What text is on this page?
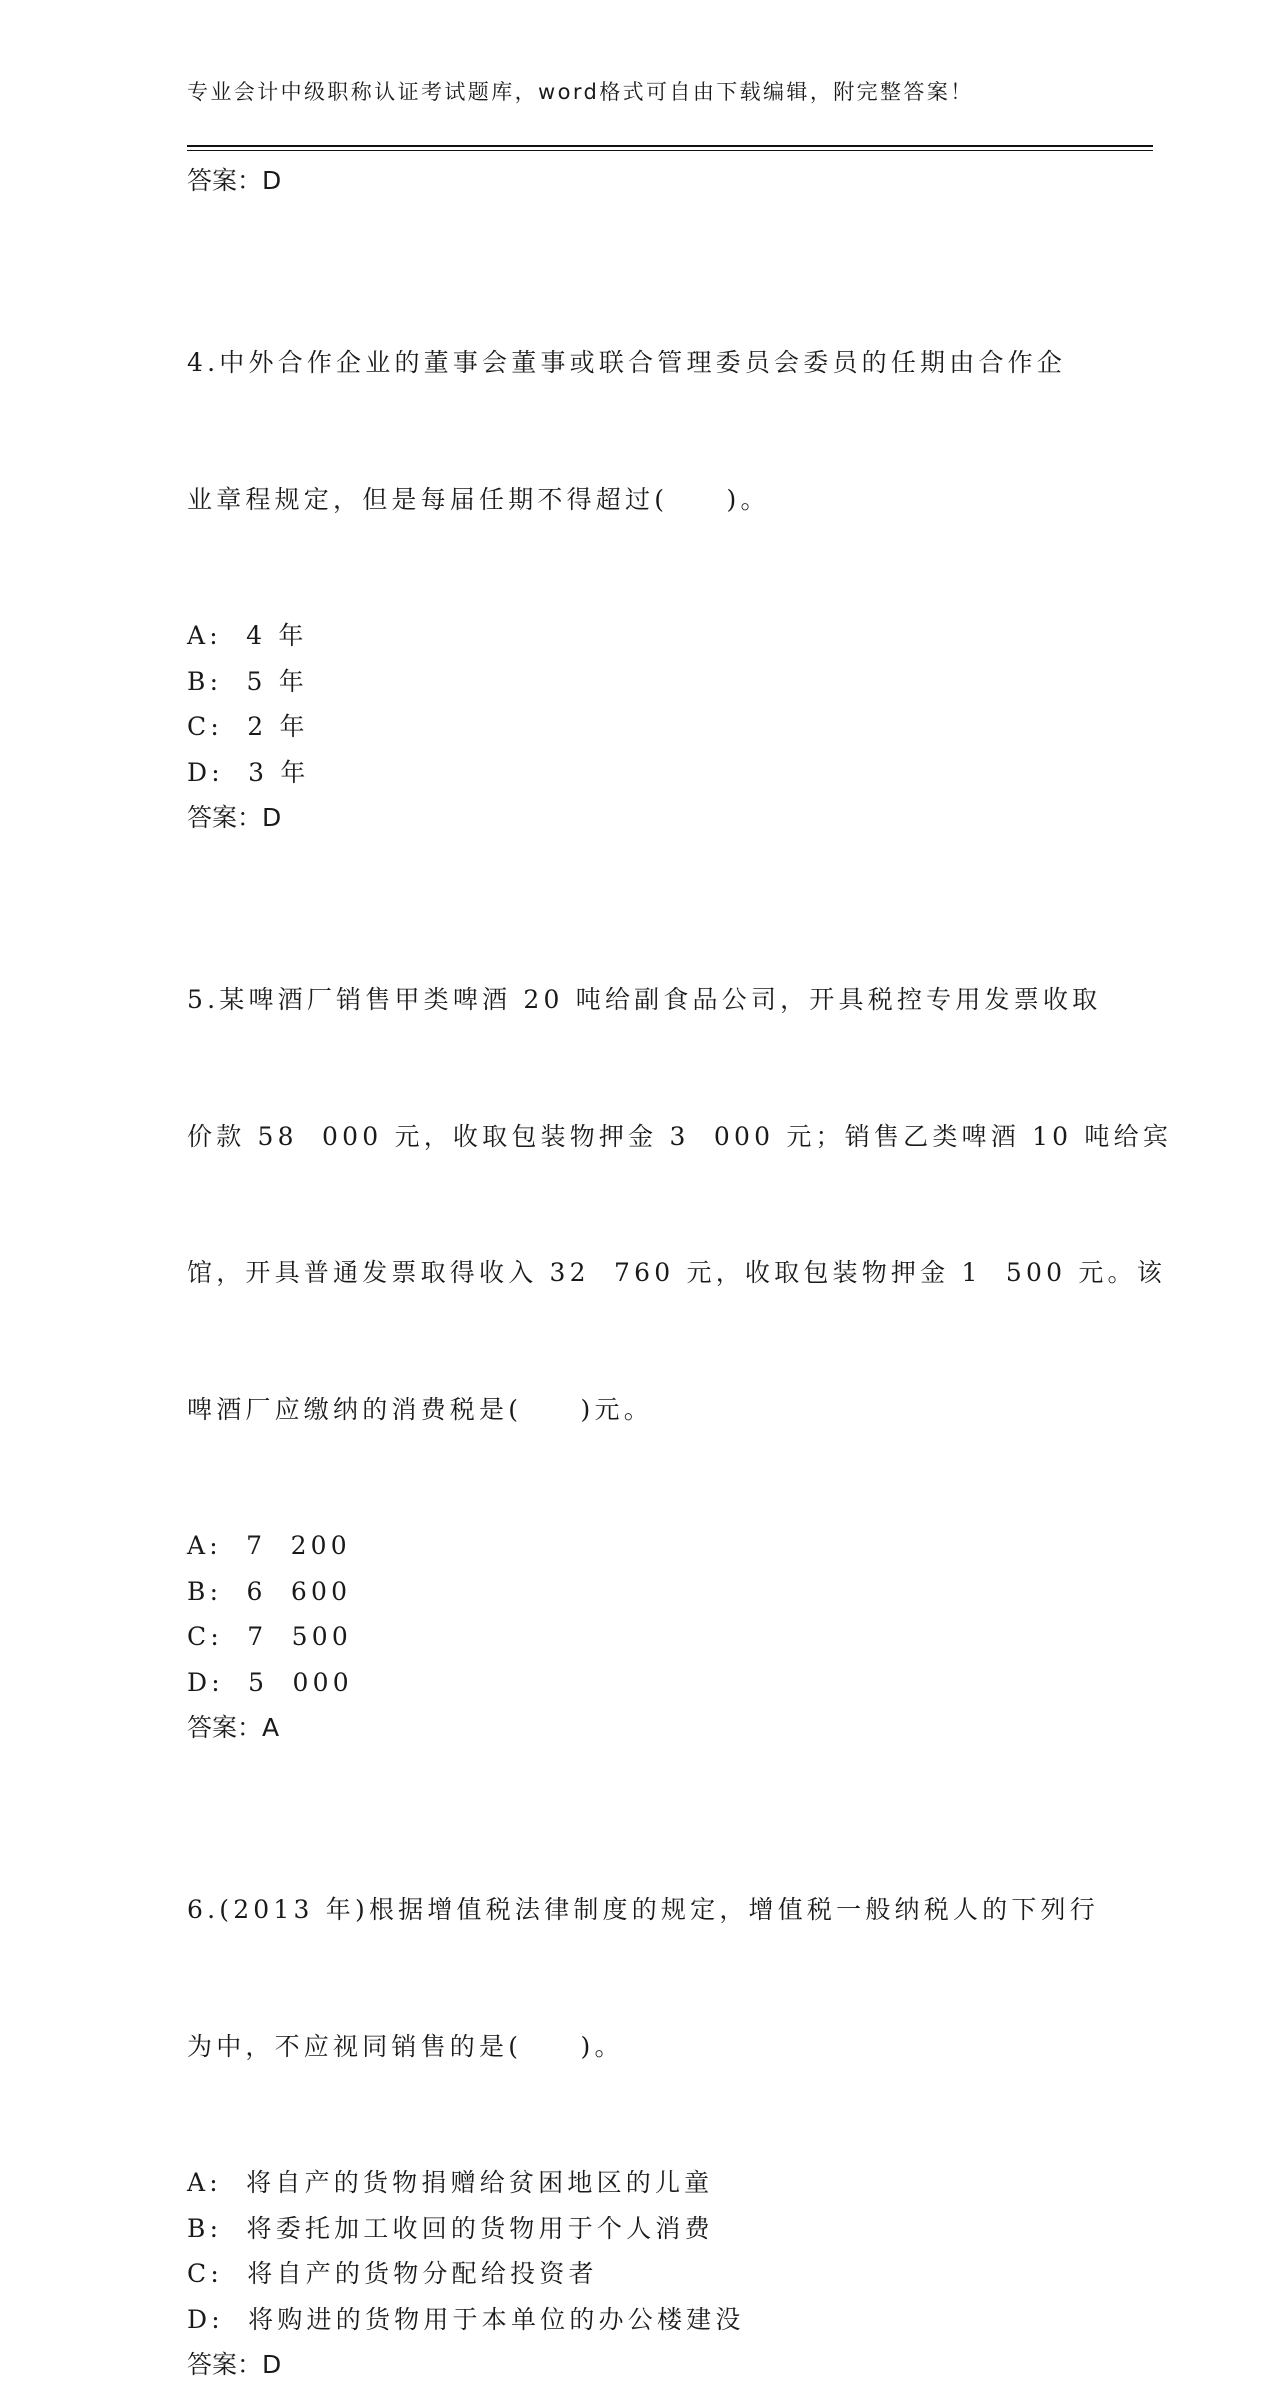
专业会计中级职称认证考试题库，word格式可自由下载编辑，附完整答案！
答案：D

4.中外合作企业的董事会董事或联合管理委员会委员的任期由合作企

业章程规定，但是每届任期不得超过(　　)。

A:  4 年
B:  5 年
C:  2 年
D:  3 年
答案：D

5.某啤酒厂销售甲类啤酒 20 吨给副食品公司，开具税控专用发票收取

价款 58  000 元，收取包装物押金 3  000 元；销售乙类啤酒 10 吨给宾

馆，开具普通发票取得收入 32  760 元，收取包装物押金 1  500 元。该

啤酒厂应缴纳的消费税是(　　)元。

A:  7  200
B:  6  600
C:  7  500
D:  5  000
答案：A

6.(2013 年)根据增值税法律制度的规定，增值税一般纳税人的下列行

为中，不应视同销售的是(　　)。

A:  将自产的货物捐赠给贫困地区的儿童
B:  将委托加工收回的货物用于个人消费
C:  将自产的货物分配给投资者
D:  将购进的货物用于本单位的办公楼建没
答案：D
